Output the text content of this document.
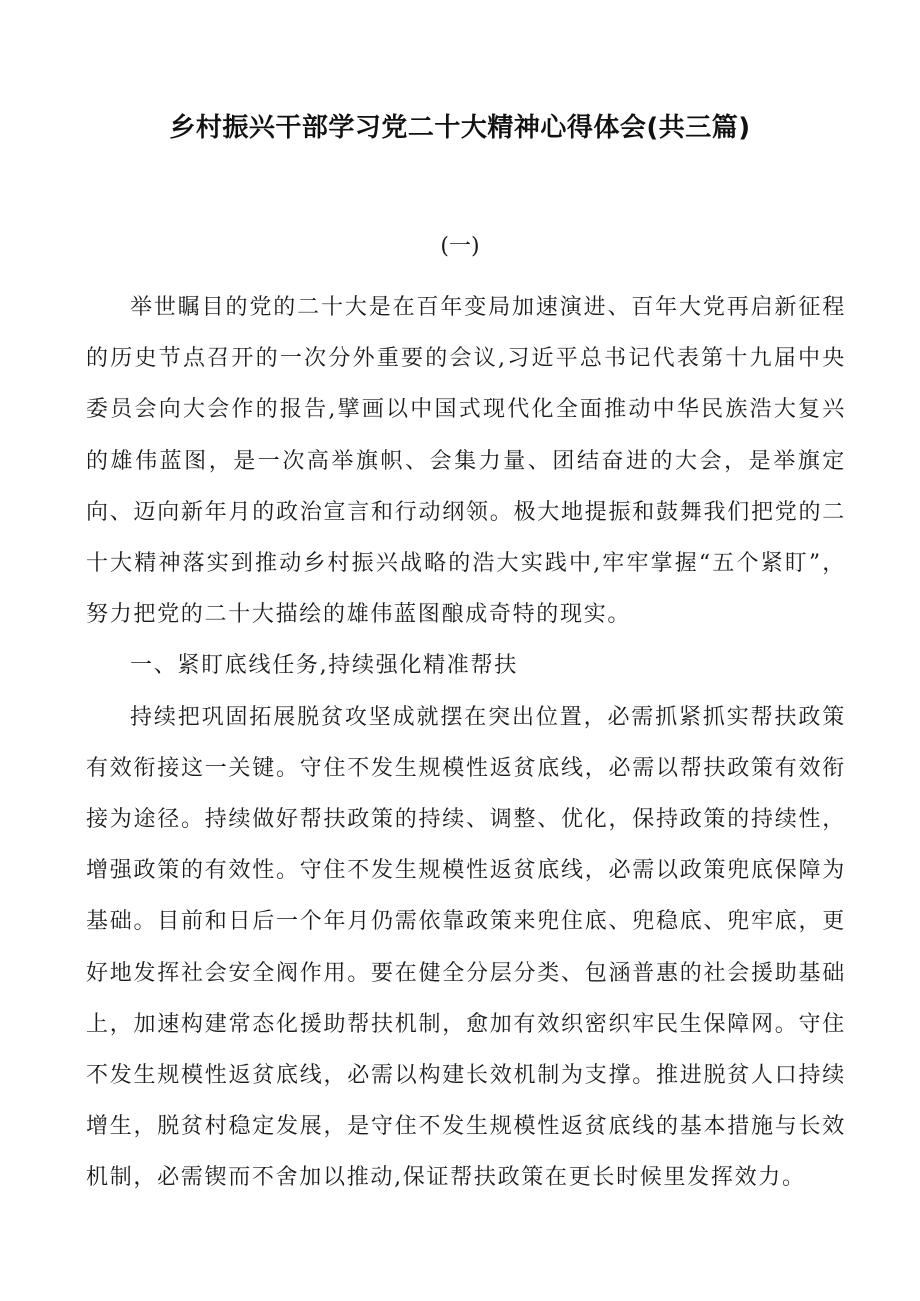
乡村振兴干部学习党二十大精神心得体会(共三篇)
(一)

举世瞩目的党的二十大是在百年变局加速演进、百年大党再启新征程的历史节点召开的一次分外重要的会议,习近平总书记代表第十九届中央委员会向大会作的报告,擘画以中国式现代化全面推动中华民族浩大复兴的雄伟蓝图，是一次高举旗帜、会集力量、团结奋进的大会，是举旗定向、迈向新年月的政治宣言和行动纲领。极大地提振和鼓舞我们把党的二十大精神落实到推动乡村振兴战略的浩大实践中,牢牢掌握“五个紧盯”，努力把党的二十大描绘的雄伟蓝图酿成奇特的现实。

一、紧盯底线任务,持续强化精准帮扶

持续把巩固拓展脱贫攻坚成就摆在突出位置，必需抓紧抓实帮扶政策有效衔接这一关键。守住不发生规模性返贫底线，必需以帮扶政策有效衔接为途径。持续做好帮扶政策的持续、调整、优化，保持政策的持续性，增强政策的有效性。守住不发生规模性返贫底线，必需以政策兜底保障为基础。目前和日后一个年月仍需依靠政策来兜住底、兜稳底、兜牢底，更好地发挥社会安全阀作用。要在健全分层分类、包涵普惠的社会援助基础上，加速构建常态化援助帮扶机制，愈加有效织密织牢民生保障网。守住不发生规模性返贫底线，必需以构建长效机制为支撑。推进脱贫人口持续增生，脱贫村稳定发展，是守住不发生规模性返贫底线的基本措施与长效机制，必需锲而不舍加以推动,保证帮扶政策在更长时候里发挥效力。
